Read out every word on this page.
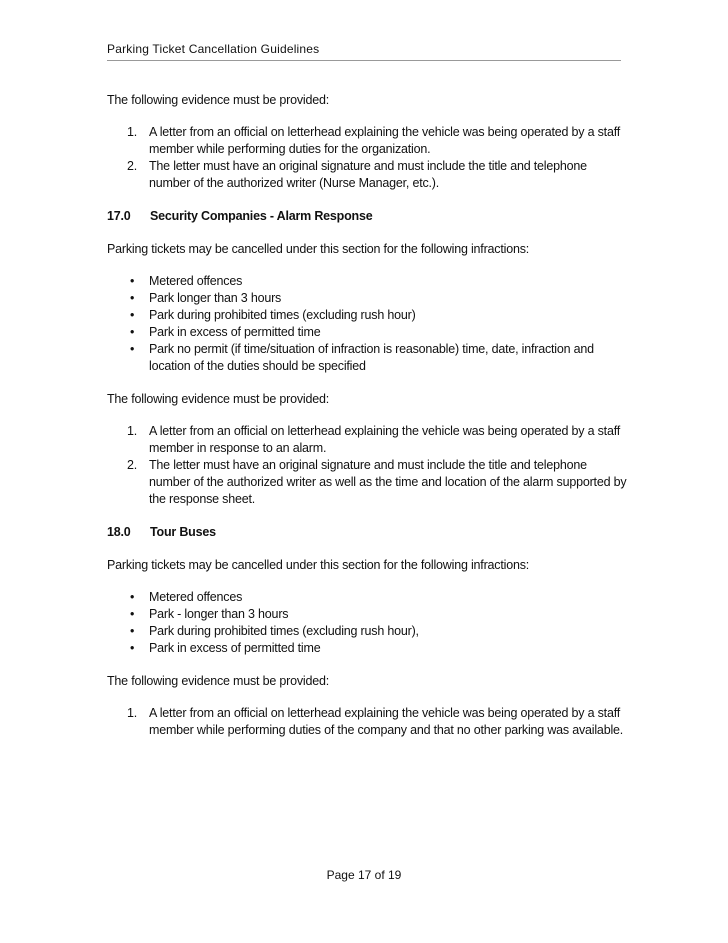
Parking Ticket Cancellation Guidelines

The following evidence must be provided:

1. A letter from an official on letterhead explaining the vehicle was being operated by a staff member while performing duties for the organization.
2. The letter must have an original signature and must include the title and telephone number of the authorized writer (Nurse Manager, etc.).
17.0	Security Companies - Alarm Response

Parking tickets may be cancelled under this section for the following infractions:

•	Metered offences
•	Park longer than 3 hours
•	Park during prohibited times (excluding rush hour)
•	Park in excess of permitted time
•	Park no permit (if time/situation of infraction is reasonable) time, date, infraction and location of the duties should be specified

The following evidence must be provided:

1. A letter from an official on letterhead explaining the vehicle was being operated by a staff member in response to an alarm.
2. The letter must have an original signature and must include the title and telephone number of the authorized writer as well as the time and location of the alarm supported by the response sheet.
18.0	Tour Buses

Parking tickets may be cancelled under this section for the following infractions:

•	Metered offences
•	Park - longer than 3 hours
•	Park during prohibited times (excluding rush hour),
•	Park in excess of permitted time

The following evidence must be provided:

1. A letter from an official on letterhead explaining the vehicle was being operated by a staff member while performing duties of the company and that no other parking was available.
Page 17 of 19
